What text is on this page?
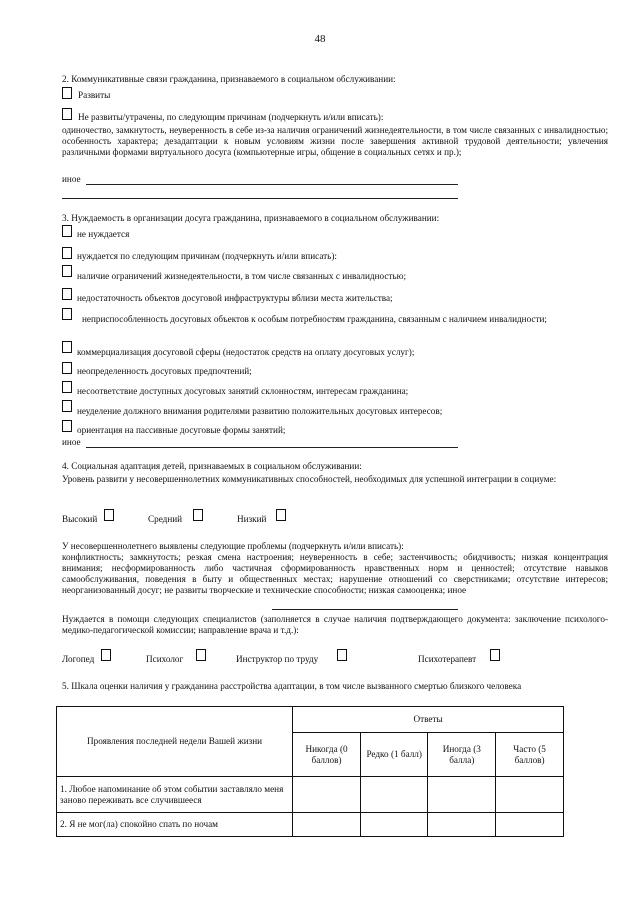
48
2. Коммуникативные связи гражданина, признаваемого в социальном обслуживании:
Развиты
Не развиты/утрачены, по следующим причинам (подчеркнуть и/или вписать):
одиночество, замкнутость, неуверенность в себе из-за наличия ограничений жизнедеятельности, в том числе связанных с инвалидностью; особенность характера; дезадаптации к новым условиям жизни после завершения активной трудовой деятельности; увлечения различными формами виртуального досуга (компьютерные игры, общение в социальных сетях и пр.);
иное
3. Нуждаемость в организации досуга гражданина, признаваемого в социальном обслуживании:
не нуждается
нуждается по следующим причинам (подчеркнуть и/или вписать):
наличие ограничений жизнедеятельности, в том числе связанных с инвалидностью;
недостаточность объектов досуговой инфраструктуры вблизи места жительства;
неприспособленность досуговых объектов к особым потребностям гражданина, связанным с наличием инвалидности;
коммерциализация досуговой сферы (недостаток средств на оплату досуговых услуг);
неопределенность досуговых предпочтений;
несоответствие доступных досуговых занятий склонностям, интересам гражданина;
неуделение должного внимания родителями развитию положительных досуговых интересов;
ориентация на пассивные досуговые формы занятий;
иное
4. Социальная адаптация детей, признаваемых в социальном обслуживании:
Уровень развити у несовершеннолетних коммуникативных способностей, необходимых для успешной интеграции в социуме:
Высокий	Средний	Низкий
У несовершеннолетнего выявлены следующие проблемы (подчеркнуть и/или вписать):
конфликтность; замкнутость; резкая смена настроения; неуверенность в себе; застенчивость; обидчивость; низкая концентрация внимания; несформированность либо частичная сформированность нравственных норм и ценностей; отсутствие навыков самообслуживания, поведения в быту и общественных местах; нарушение отношений со сверстниками; отсутствие интересов; неорганизованный досуг; не развиты творческие и технические способности; низкая самооценка; иное
Нуждается в помощи следующих специалистов (заполняется в случае наличия подтверждающего документа: заключение психолого-медико-педагогической комиссии; направление врача и т.д.):
Логопед	Психолог	Инструктор по труду	Психотерапевт
5. Шкала оценки наличия у гражданина расстройства адаптации, в том числе вызванного смертью близкого человека
Проявления последней недели Вашей жизни	Ответы			
	Никогда (0 баллов)	Редко (1 балл)	Иногда (3 балла)	Часто (5 баллов)
1. Любое напоминание об этом событии заставляло меня заново переживать все случившееся				
2. Я не мог(ла) спокойно спать по ночам				
